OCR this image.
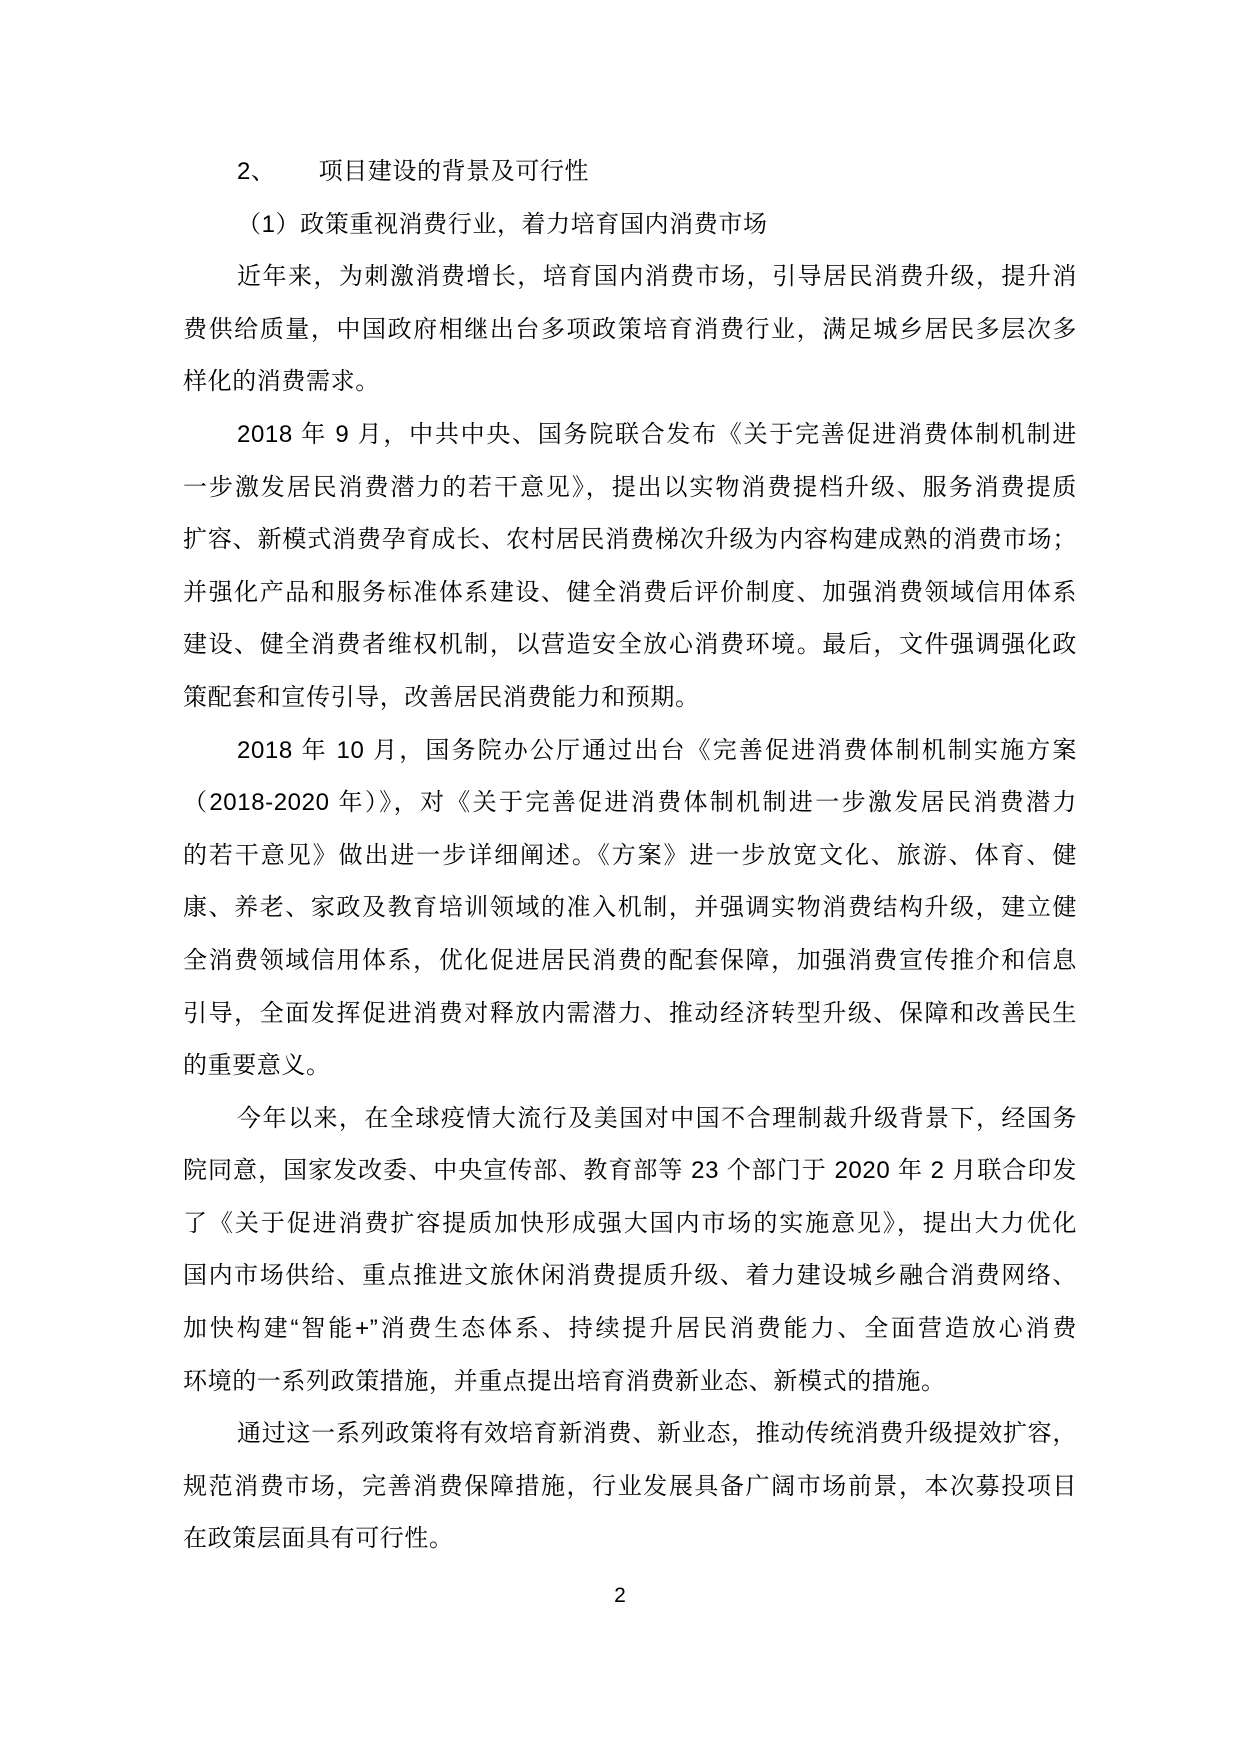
2、 项目建设的背景及可行性
（1）政策重视消费行业，着力培育国内消费市场
近年来，为刺激消费增长，培育国内消费市场，引导居民消费升级，提升消
费供给质量，中国政府相继出台多项政策培育消费行业，满足城乡居民多层次多
样化的消费需求。
2018 年 9 月，中共中央、国务院联合发布《关于完善促进消费体制机制进
一步激发居民消费潜力的若干意见》，提出以实物消费提档升级、服务消费提质
扩容、新模式消费孕育成长、农村居民消费梯次升级为内容构建成熟的消费市场；
并强化产品和服务标准体系建设、健全消费后评价制度、加强消费领域信用体系
建设、健全消费者维权机制，以营造安全放心消费环境。最后，文件强调强化政
策配套和宣传引导，改善居民消费能力和预期。
2018 年 10 月，国务院办公厅通过出台《完善促进消费体制机制实施方案
（2018-2020 年）》，对《关于完善促进消费体制机制进一步激发居民消费潜力
的若干意见》做出进一步详细阐述。《方案》进一步放宽文化、旅游、体育、健
康、养老、家政及教育培训领域的准入机制，并强调实物消费结构升级，建立健
全消费领域信用体系，优化促进居民消费的配套保障，加强消费宣传推介和信息
引导，全面发挥促进消费对释放内需潜力、推动经济转型升级、保障和改善民生
的重要意义。
今年以来，在全球疫情大流行及美国对中国不合理制裁升级背景下，经国务
院同意，国家发改委、中央宣传部、教育部等 23 个部门于 2020 年 2 月联合印发
了《关于促进消费扩容提质加快形成强大国内市场的实施意见》，提出大力优化
国内市场供给、重点推进文旅休闲消费提质升级、着力建设城乡融合消费网络、
加快构建“智能+”消费生态体系、持续提升居民消费能力、全面营造放心消费
环境的一系列政策措施，并重点提出培育消费新业态、新模式的措施。
通过这一系列政策将有效培育新消费、新业态，推动传统消费升级提效扩容，
规范消费市场，完善消费保障措施，行业发展具备广阔市场前景，本次募投项目
在政策层面具有可行性。
2
